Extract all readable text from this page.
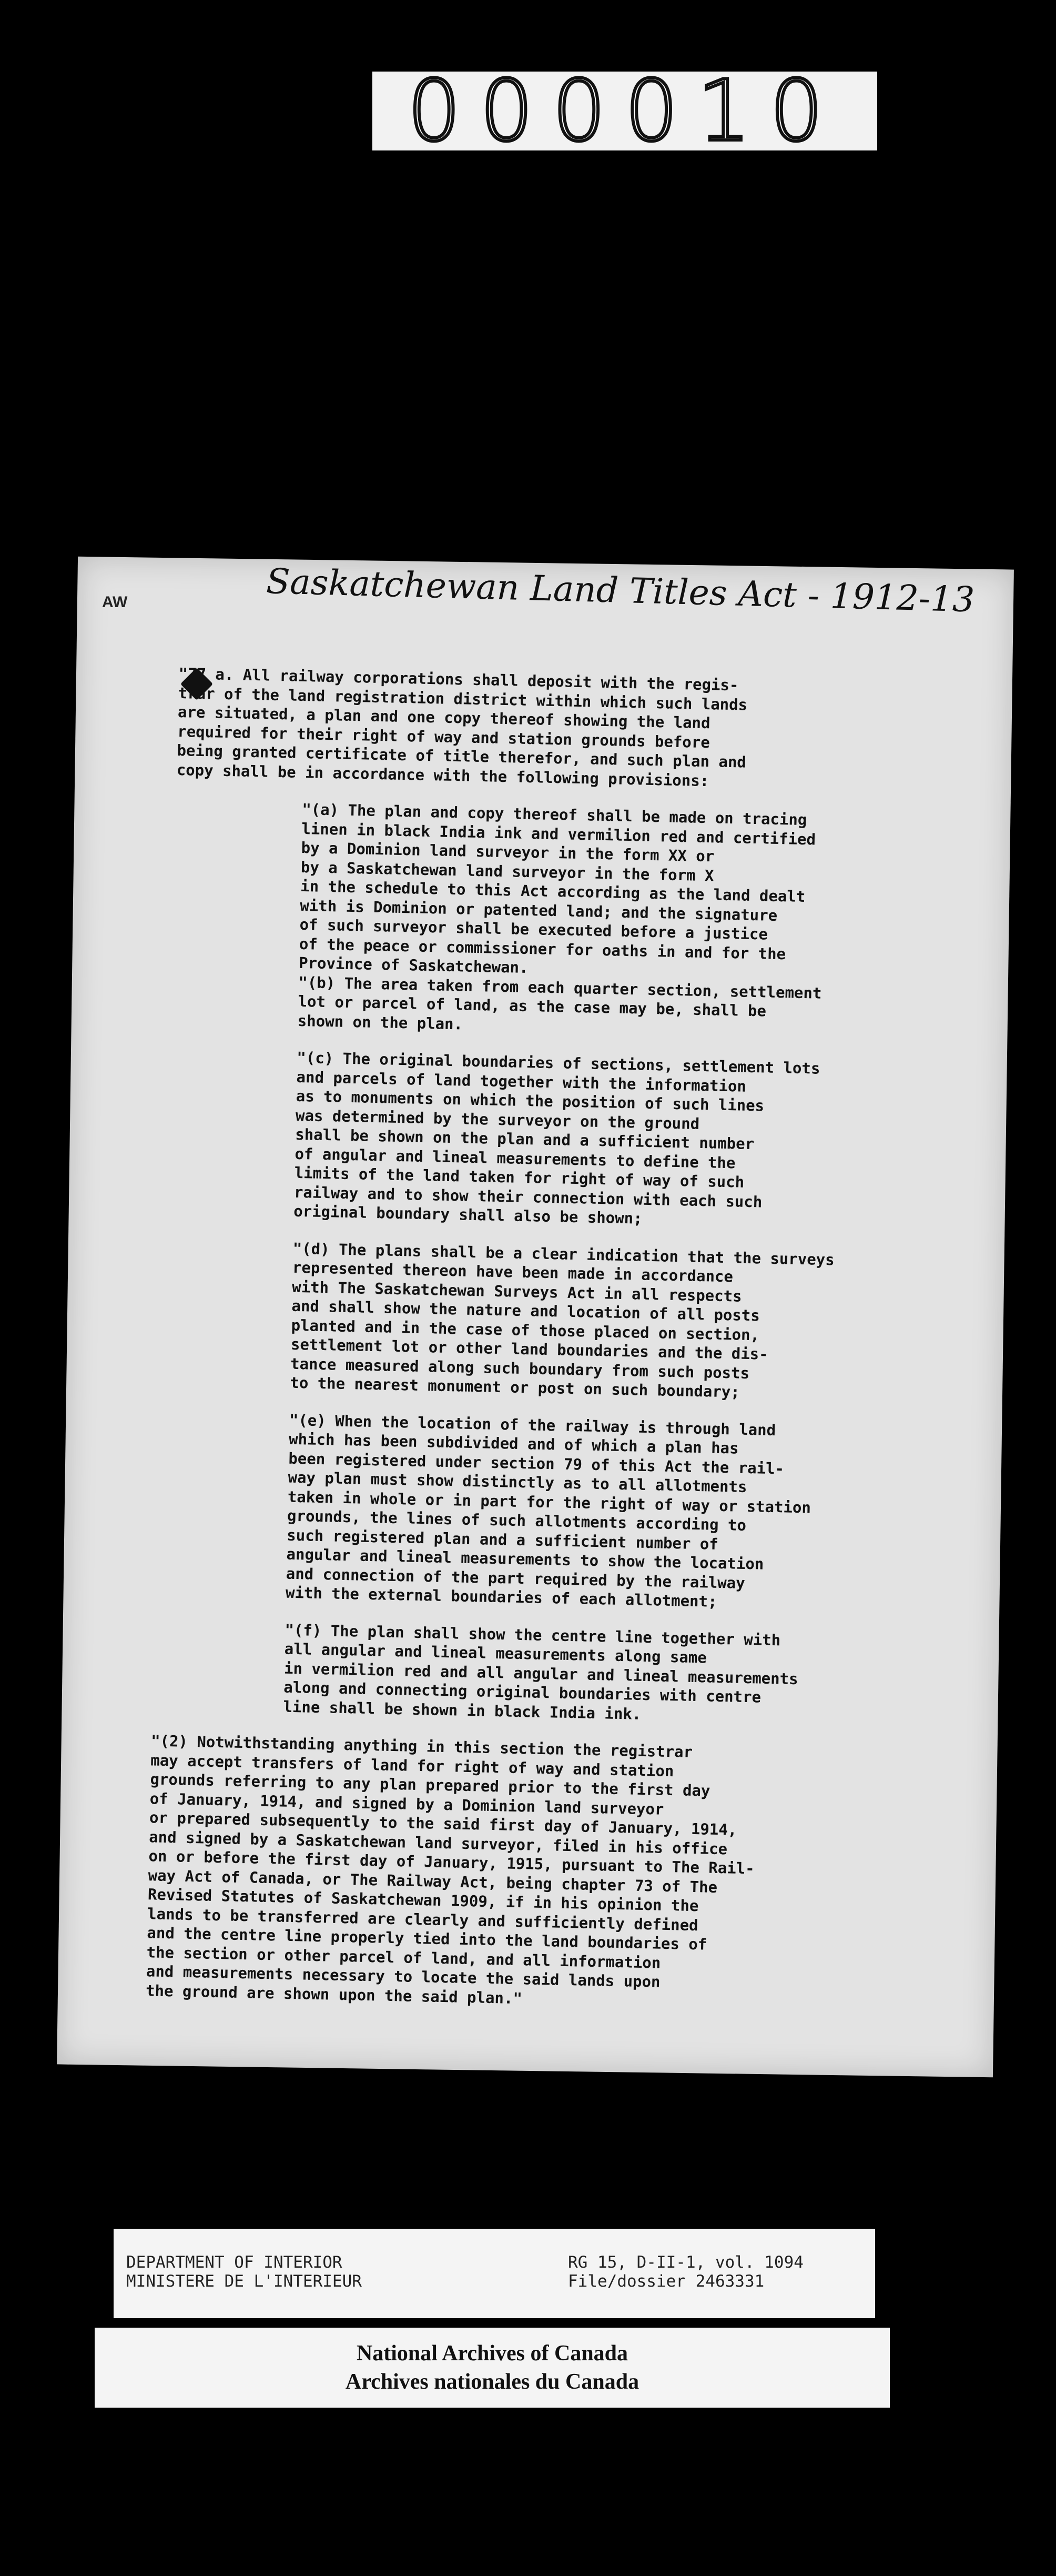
000010
AW	Saskatchewan Land Titles Act - 1912-13

"77 a. All railway corporations shall deposit with the regis-
trar of the land registration district within which such lands
are situated, a plan and one copy thereof showing the land
required for their right of way and station grounds before
being granted certificate of title therefor, and such plan and
copy shall be in accordance with the following provisions:

"(a) The plan and copy thereof shall be made on tracing
linen in black India ink and vermilion red and certified
by a Dominion land surveyor in the form XX or
by a Saskatchewan land surveyor in the form X
in the schedule to this Act according as the land dealt
with is Dominion or patented land; and the signature
of such surveyor shall be executed before a justice
of the peace or commissioner for oaths in and for the
Province of Saskatchewan.
"(b) The area taken from each quarter section, settlement
lot or parcel of land, as the case may be, shall be
shown on the plan.

"(c) The original boundaries of sections, settlement lots
and parcels of land together with the information
as to monuments on which the position of such lines
was determined by the surveyor on the ground
shall be shown on the plan and a sufficient number
of angular and lineal measurements to define the
limits of the land taken for right of way of such
railway and to show their connection with each such
original boundary shall also be shown;

"(d) The plans shall be a clear indication that the surveys
represented thereon have been made in accordance
with The Saskatchewan Surveys Act in all respects
and shall show the nature and location of all posts
planted and in the case of those placed on section,
settlement lot or other land boundaries and the dis-
tance measured along such boundary from such posts
to the nearest monument or post on such boundary;

"(e) When the location of the railway is through land
which has been subdivided and of which a plan has
been registered under section 79 of this Act the rail-
way plan must show distinctly as to all allotments
taken in whole or in part for the right of way or station
grounds, the lines of such allotments according to
such registered plan and a sufficient number of
angular and lineal measurements to show the location
and connection of the part required by the railway
with the external boundaries of each allotment;

"(f) The plan shall show the centre line together with
all angular and lineal measurements along same
in vermilion red and all angular and lineal measurements
along and connecting original boundaries with centre
line shall be shown in black India ink.

"(2) Notwithstanding anything in this section the registrar
may accept transfers of land for right of way and station
grounds referring to any plan prepared prior to the first day
of January, 1914, and signed by a Dominion land surveyor
or prepared subsequently to the said first day of January, 1914,
and signed by a Saskatchewan land surveyor, filed in his office
on or before the first day of January, 1915, pursuant to The Rail-
way Act of Canada, or The Railway Act, being chapter 73 of The
Revised Statutes of Saskatchewan 1909, if in his opinion the
lands to be transferred are clearly and sufficiently defined
and the centre line properly tied into the land boundaries of
the section or other parcel of land, and all information
and measurements necessary to locate the said lands upon
the ground are shown upon the said plan."

DEPARTMENT OF INTERIOR
MINISTERE DE L'INTERIEUR
RG 15, D-II-1, vol. 1094
File/dossier 2463331
National Archives of Canada
Archives nationales du Canada
